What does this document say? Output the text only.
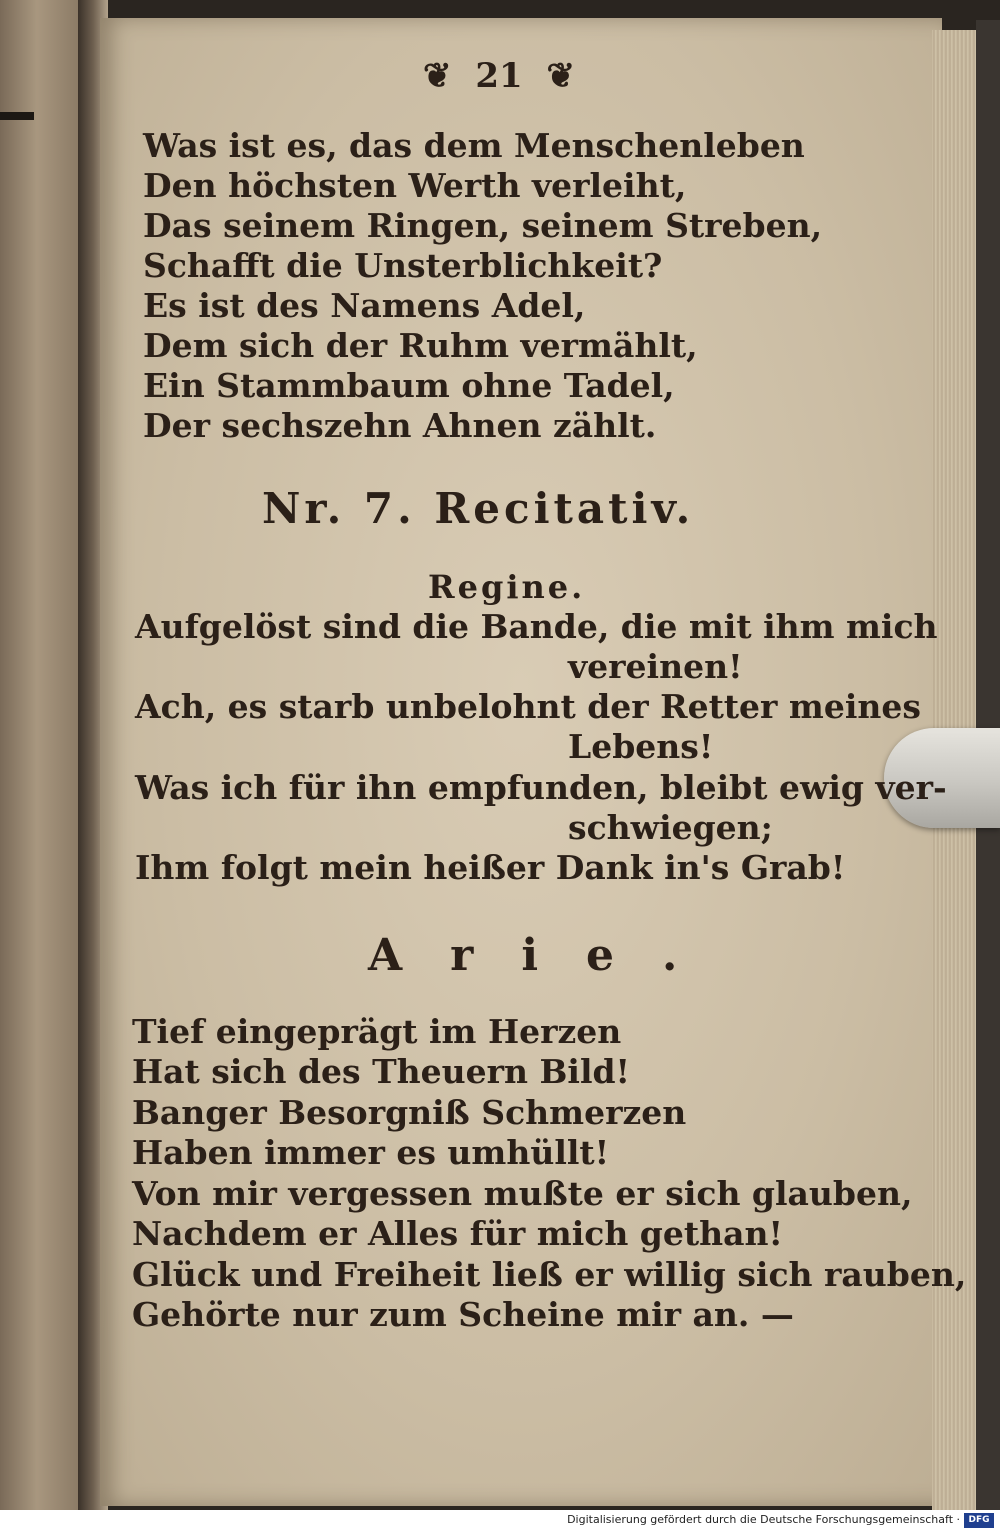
❦ 21 ❦
Was ist es, das dem Menschenleben
Den höchsten Werth verleiht,
Das seinem Ringen, seinem Streben,
Schafft die Unsterblichkeit?
Es ist des Namens Adel,
Dem sich der Ruhm vermählt,
Ein Stammbaum ohne Tadel,
Der sechszehn Ahnen zählt.
Nr. 7. Recitativ.
Regine.
Aufgelöst sind die Bande, die mit ihm mich
vereinen!
Ach, es starb unbelohnt der Retter meines
Lebens!
Was ich für ihn empfunden, bleibt ewig ver-
schwiegen;
Ihm folgt mein heißer Dank in's Grab!
Arie.
Tief eingeprägt im Herzen
Hat sich des Theuern Bild!
Banger Besorgniß Schmerzen
Haben immer es umhüllt!
Von mir vergessen mußte er sich glauben,
Nachdem er Alles für mich gethan!
Glück und Freiheit ließ er willig sich rauben,
Gehörte nur zum Scheine mir an. —
Digitalisierung gefördert durch die Deutsche Forschungsgemeinschaft · DFG
